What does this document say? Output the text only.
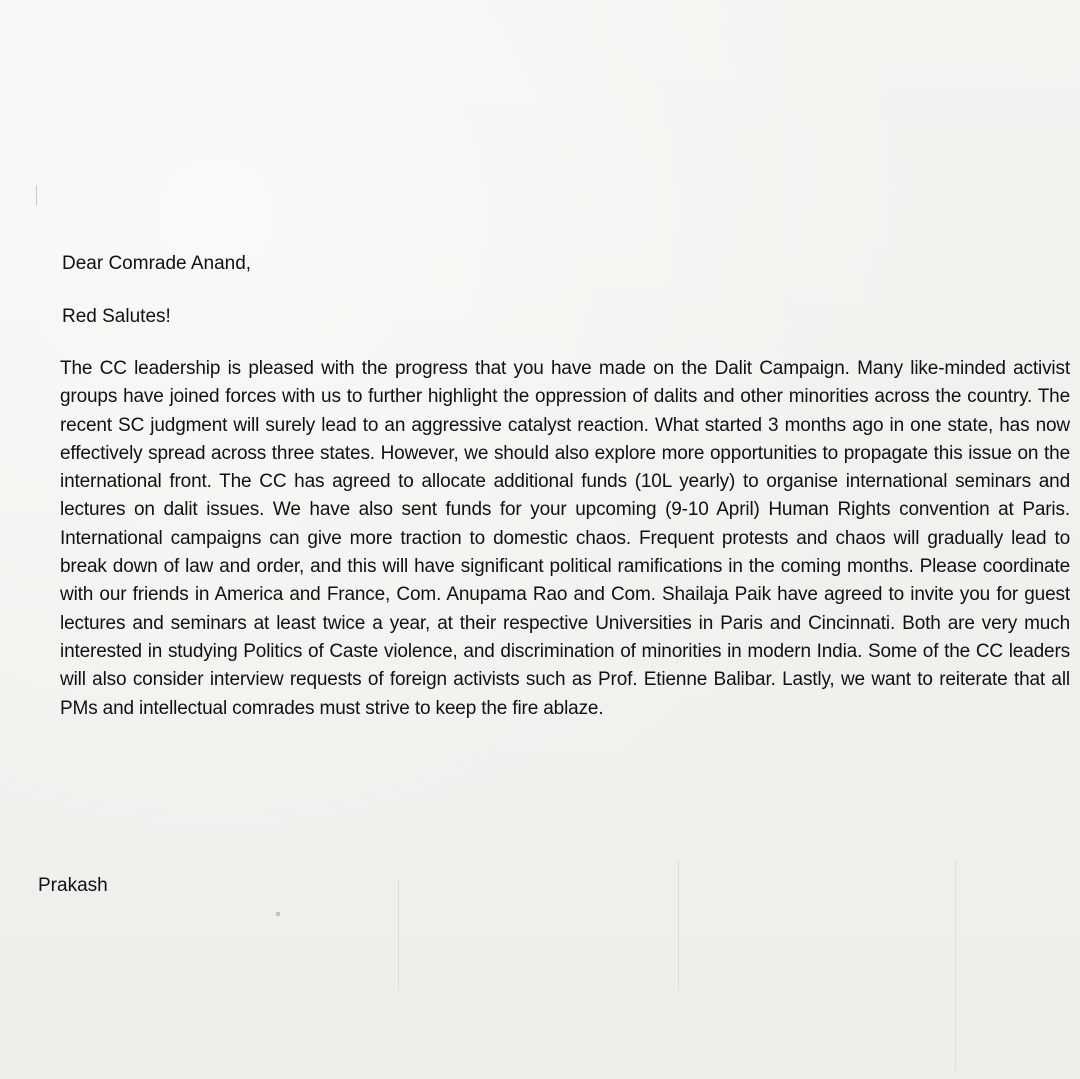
Dear Comrade Anand,
Red Salutes!
The CC leadership is pleased with the progress that you have made on the Dalit Campaign. Many like-minded activist groups have joined forces with us to further highlight the oppression of dalits and other minorities across the country. The recent SC judgment will surely lead to an aggressive catalyst reaction. What started 3 months ago in one state, has now effectively spread across three states. However, we should also explore more opportunities to propagate this issue on the international front. The CC has agreed to allocate additional funds (10L yearly) to organise international seminars and lectures on dalit issues. We have also sent funds for your upcoming (9-10 April) Human Rights convention at Paris. International campaigns can give more traction to domestic chaos. Frequent protests and chaos will gradually lead to break down of law and order, and this will have significant political ramifications in the coming months. Please coordinate with our friends in America and France, Com. Anupama Rao and Com. Shailaja Paik have agreed to invite you for guest lectures and seminars at least twice a year, at their respective Universities in Paris and Cincinnati. Both are very much interested in studying Politics of Caste violence, and discrimination of minorities in modern India. Some of the CC leaders will also consider interview requests of foreign activists such as Prof. Etienne Balibar. Lastly, we want to reiterate that all PMs and intellectual comrades must strive to keep the fire ablaze.
Prakash
